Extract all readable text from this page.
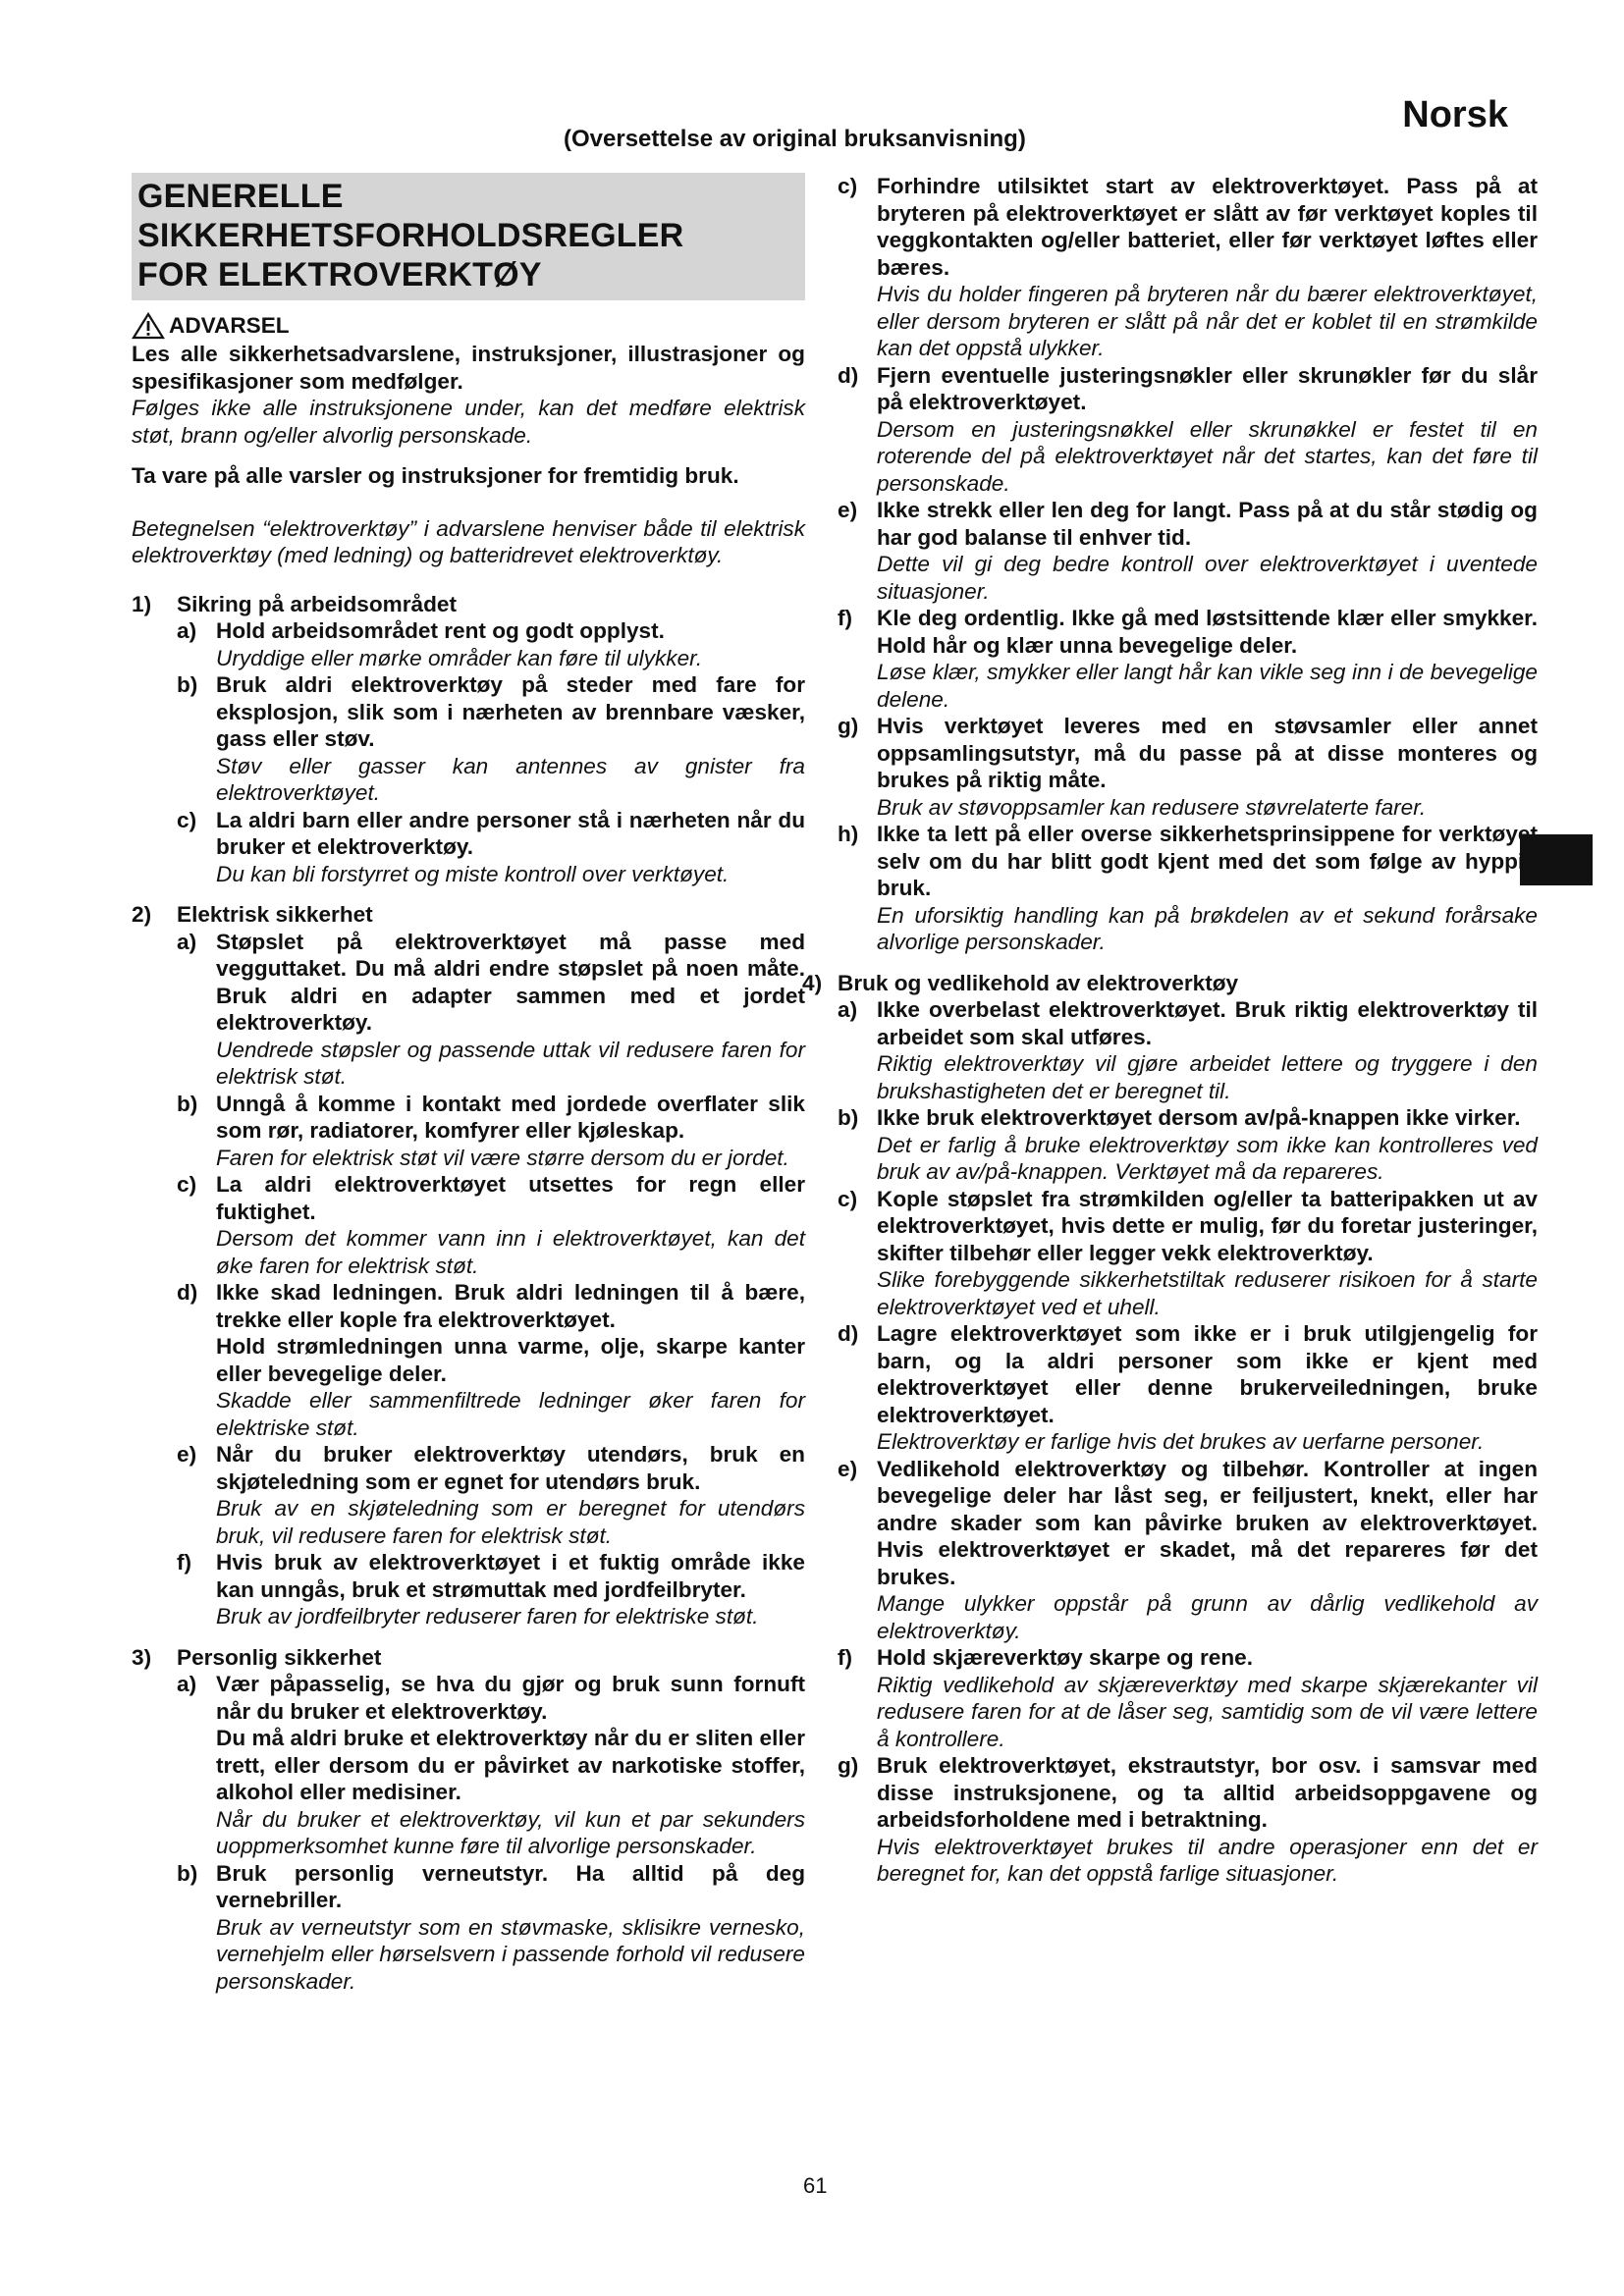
Norsk
(Oversettelse av original bruksanvisning)
GENERELLE
SIKKERHETSFORHOLDSREGLER
FOR ELEKTROVERKTØY
ADVARSEL

Les alle sikkerhetsadvarslene, instruksjoner, illustrasjoner og spesifikasjoner som medfølger.

Følges ikke alle instruksjonene under, kan det medføre elektrisk støt, brann og/eller alvorlig personskade.

Ta vare på alle varsler og instruksjoner for fremtidig bruk.

Betegnelsen “elektroverktøy” i advarslene henviser både til elektrisk elektroverktøy (med ledning) og batteridrevet elektroverktøy.

1) Sikring på arbeidsområdet
a) Hold arbeidsområdet rent og godt opplyst.
Uryddige eller mørke områder kan føre til ulykker.
b) Bruk aldri elektroverktøy på steder med fare for eksplosjon, slik som i nærheten av brennbare væsker, gass eller støv.
Støv eller gasser kan antennes av gnister fra elektroverktøyet.
c) La aldri barn eller andre personer stå i nærheten når du bruker et elektroverktøy.
Du kan bli forstyrret og miste kontroll over verktøyet.
2) Elektrisk sikkerhet
a) Støpslet på elektroverktøyet må passe med vegguttaket. Du må aldri endre støpslet på noen måte. Bruk aldri en adapter sammen med et jordet elektroverktøy.
Uendrede støpsler og passende uttak vil redusere faren for elektrisk støt.
b) Unngå å komme i kontakt med jordede overflater slik som rør, radiatorer, komfyrer eller kjøleskap.
Faren for elektrisk støt vil være større dersom du er jordet.
c) La aldri elektroverktøyet utsettes for regn eller fuktighet.
Dersom det kommer vann inn i elektroverktøyet, kan det øke faren for elektrisk støt.
d) Ikke skad ledningen. Bruk aldri ledningen til å bære, trekke eller kople fra elektroverktøyet.
Hold strømledningen unna varme, olje, skarpe kanter eller bevegelige deler.
Skadde eller sammenfiltrede ledninger øker faren for elektriske støt.
e) Når du bruker elektroverktøy utendørs, bruk en skjøteledning som er egnet for utendørs bruk.
Bruk av en skjøteledning som er beregnet for utendørs bruk, vil redusere faren for elektrisk støt.
f) Hvis bruk av elektroverktøyet i et fuktig område ikke kan unngås, bruk et strømuttak med jordfeilbryter.
Bruk av jordfeilbryter reduserer faren for elektriske støt.
3) Personlig sikkerhet
a) Vær påpasselig, se hva du gjør og bruk sunn fornuft når du bruker et elektroverktøy.
Du må aldri bruke et elektroverktøy når du er sliten eller trett, eller dersom du er påvirket av narkotiske stoffer, alkohol eller medisiner.
Når du bruker et elektroverktøy, vil kun et par sekunders uoppmerksomhet kunne føre til alvorlige personskader.
b) Bruk personlig verneutstyr. Ha alltid på deg vernebriller.
Bruk av verneutstyr som en støvmaske, sklisikre vernesko, vernehjelm eller hørselsvern i passende forhold vil redusere personskader.
c) Forhindre utilsiktet start av elektroverktøyet. Pass på at bryteren på elektroverktøyet er slått av før verktøyet koples til veggkontakten og/eller batteriet, eller før verktøyet løftes eller bæres.
Hvis du holder fingeren på bryteren når du bærer elektroverktøyet, eller dersom bryteren er slått på når det er koblet til en strømkilde kan det oppstå ulykker.
d) Fjern eventuelle justeringsnøkler eller skrunøkler før du slår på elektroverktøyet.
Dersom en justeringsnøkkel eller skrunøkkel er festet til en roterende del på elektroverktøyet når det startes, kan det føre til personskade.
e) Ikke strekk eller len deg for langt. Pass på at du står stødig og har god balanse til enhver tid.
Dette vil gi deg bedre kontroll over elektroverktøyet i uventede situasjoner.
f) Kle deg ordentlig. Ikke gå med løstsittende klær eller smykker. Hold hår og klær unna bevegelige deler.
Løse klær, smykker eller langt hår kan vikle seg inn i de bevegelige delene.
g) Hvis verktøyet leveres med en støvsamler eller annet oppsamlingsutstyr, må du passe på at disse monteres og brukes på riktig måte.
Bruk av støvoppsamler kan redusere støvrelaterte farer.
h) Ikke ta lett på eller overse sikkerhetsprinsippene for verktøyet selv om du har blitt godt kjent med det som følge av hyppig bruk.
En uforsiktig handling kan på brøkdelen av et sekund forårsake alvorlige personskader.
4) Bruk og vedlikehold av elektroverktøy
a) Ikke overbelast elektroverktøyet. Bruk riktig elektroverktøy til arbeidet som skal utføres.
Riktig elektroverktøy vil gjøre arbeidet lettere og tryggere i den brukshastigheten det er beregnet til.
b) Ikke bruk elektroverktøyet dersom av/på-knappen ikke virker.
Det er farlig å bruke elektroverktøy som ikke kan kontrolleres ved bruk av av/på-knappen. Verktøyet må da repareres.
c) Kople støpslet fra strømkilden og/eller ta batteripakken ut av elektroverktøyet, hvis dette er mulig, før du foretar justeringer, skifter tilbehør eller legger vekk elektroverktøy.
Slike forebyggende sikkerhetstiltak reduserer risikoen for å starte elektroverktøyet ved et uhell.
d) Lagre elektroverktøyet som ikke er i bruk utilgjengelig for barn, og la aldri personer som ikke er kjent med elektroverktøyet eller denne brukerveiledningen, bruke elektroverktøyet.
Elektroverktøy er farlige hvis det brukes av uerfarne personer.
e) Vedlikehold elektroverktøy og tilbehør. Kontroller at ingen bevegelige deler har låst seg, er feiljustert, knekt, eller har andre skader som kan påvirke bruken av elektroverktøyet. Hvis elektroverktøyet er skadet, må det repareres før det brukes.
Mange ulykker oppstår på grunn av dårlig vedlikehold av elektroverktøy.
f) Hold skjæreverktøy skarpe og rene.
Riktig vedlikehold av skjæreverktøy med skarpe skjærekanter vil redusere faren for at de låser seg, samtidig som de vil være lettere å kontrollere.
g) Bruk elektroverktøyet, ekstrautstyr, bor osv. i samsvar med disse instruksjonene, og ta alltid arbeidsoppgavene og arbeidsforholdene med i betraktning.
Hvis elektroverktøyet brukes til andre operasjoner enn det er beregnet for, kan det oppstå farlige situasjoner.
61
